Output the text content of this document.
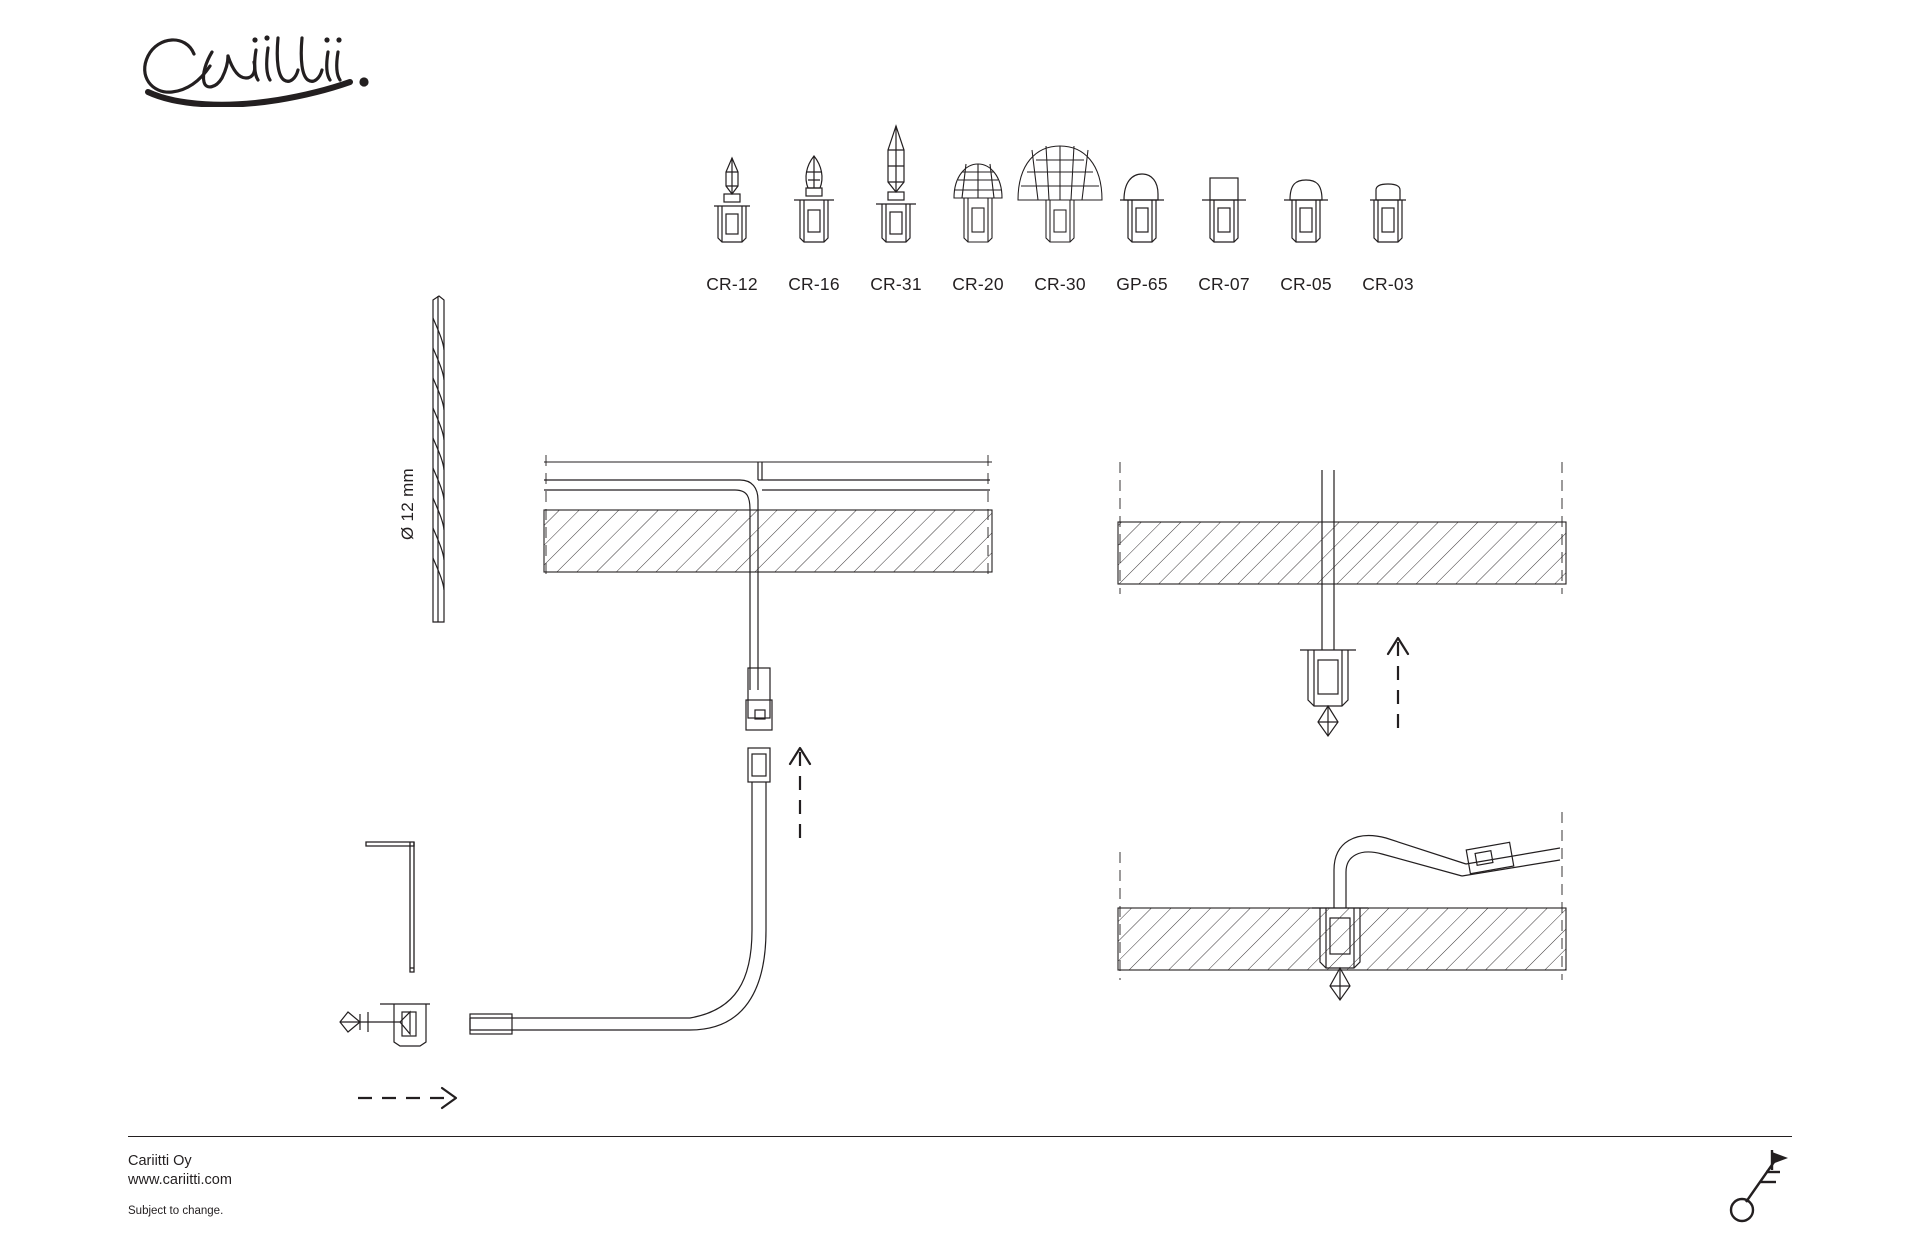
CR-12	CR-16	CR-31	CR-20	CR-30	GP-65	CR-07	CR-05	CR-03
Ø 12 mm
Cariitti Oy
www.cariitti.com
Subject to change.
